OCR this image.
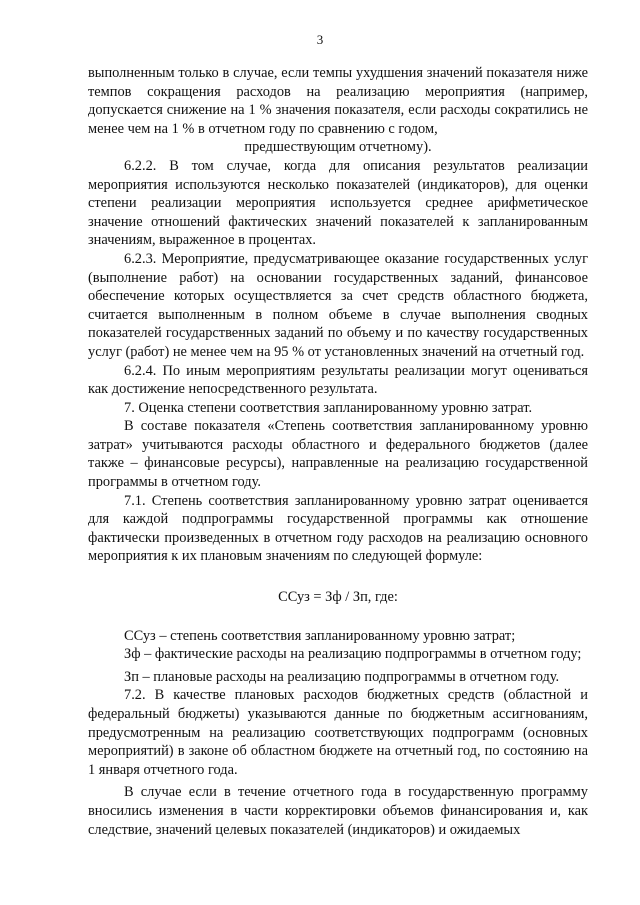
3

выполненным только в случае, если темпы ухудшения значений показателя ниже темпов сокращения расходов на реализацию мероприятия (например, допускается снижение на 1 % значения показателя, если расходы сократились не менее чем на 1 % в отчетном году по сравнению с годом,

предшествующим отчетному).

6.2.2. В том случае, когда для описания результатов реализации мероприятия используются несколько показателей (индикаторов), для оценки степени реализации мероприятия используется среднее арифметическое значение отношений фактических значений показателей к запланированным значениям, выраженное в процентах.

6.2.3. Мероприятие, предусматривающее оказание государственных услуг (выполнение работ) на основании государственных заданий, финансовое обеспечение которых осуществляется за счет средств областного бюджета, считается выполненным в полном объеме в случае выполнения сводных показателей государственных заданий по объему и по качеству государственных услуг (работ) не менее чем на 95 % от установленных значений на отчетный год.

6.2.4. По иным мероприятиям результаты реализации могут оцениваться как достижение непосредственного результата.

7. Оценка степени соответствия запланированному уровню затрат.

В составе показателя «Степень соответствия запланированному уровню затрат» учитываются расходы областного и федерального бюджетов (далее также – финансовые ресурсы), направленные на реализацию государственной программы в отчетном году.

7.1. Степень соответствия запланированному уровню затрат оценивается для каждой подпрограммы государственной программы как отношение фактически произведенных в отчетном году расходов на реализацию основного мероприятия к их плановым значениям по следующей формуле:

ССуз = Зф / Зп, где:

ССуз – степень соответствия запланированному уровню затрат;

Зф – фактические расходы на реализацию подпрограммы в отчетном году;

Зп – плановые расходы на реализацию подпрограммы в отчетном году.

7.2. В качестве плановых расходов бюджетных средств (областной и федеральный бюджеты) указываются данные по бюджетным ассигнованиям, предусмотренным на реализацию соответствующих подпрограмм (основных мероприятий) в законе об областном бюджете на отчетный год, по состоянию на 1 января отчетного года.

В случае если в течение отчетного года в государственную программу вносились изменения в части корректировки объемов финансирования и, как следствие, значений целевых показателей (индикаторов) и ожидаемых
